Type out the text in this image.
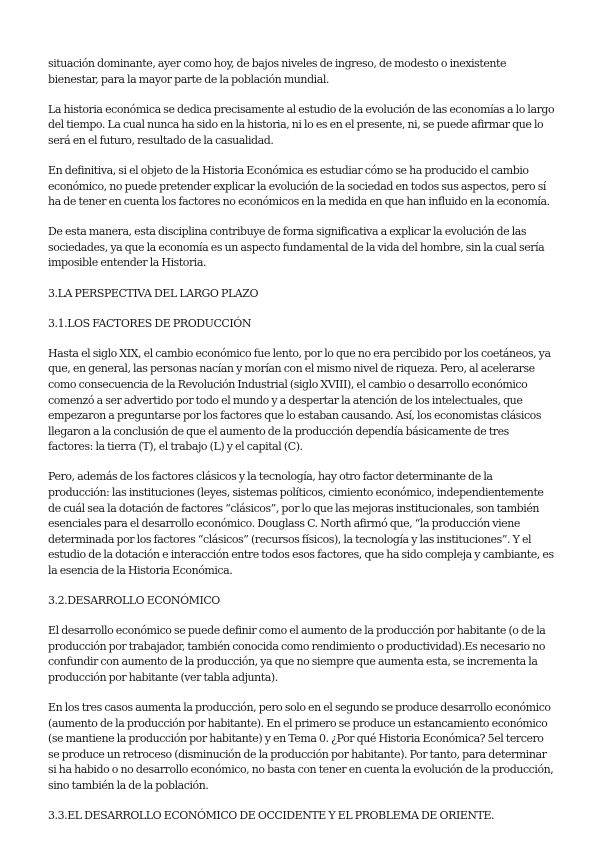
situación dominante, ayer como hoy, de bajos niveles de ingreso, de modesto o inexistente bienestar, para la mayor parte de la población mundial.

La historia económica se dedica precisamente al estudio de la evolución de las economías a lo largo del tiempo. La cual nunca ha sido en la historia, ni lo es en el presente, ni, se puede afirmar que lo será en el futuro, resultado de la casualidad.

En definitiva, si el objeto de la Historia Económica es estudiar cómo se ha producido el cambio económico, no puede pretender explicar la evolución de la sociedad en todos sus aspectos, pero sí ha de tener en cuenta los factores no económicos en la medida en que han influido en la economía.

De esta manera, esta disciplina contribuye de forma significativa a explicar la evolución de las sociedades, ya que la economía es un aspecto fundamental de la vida del hombre, sin la cual sería imposible entender la Historia.

3.LA PERSPECTIVA DEL LARGO PLAZO
3.1.LOS FACTORES DE PRODUCCIÓN

Hasta el siglo XIX, el cambio económico fue lento, por lo que no era percibido por los coetáneos, ya que, en general, las personas nacían y morían con el mismo nivel de riqueza. Pero, al acelerarse como consecuencia de la Revolución Industrial (siglo XVIII), el cambio o desarrollo económico comenzó a ser advertido por todo el mundo y a despertar la atención de los intelectuales, que empezaron a preguntarse por los factores que lo estaban causando. Así, los economistas clásicos llegaron a la conclusión de que el aumento de la producción dependía básicamente de tres factores: la tierra (T), el trabajo (L) y el capital (C).

Pero, además de los factores clásicos y la tecnología, hay otro factor determinante de la producción: las instituciones (leyes, sistemas políticos, cimiento económico, independientemente de cuál sea la dotación de factores “clásicos”, por lo que las mejoras institucionales, son también esenciales para el desarrollo económico. Douglass C. North afirmó que, “la producción viene determinada por los factores “clásicos” (recursos físicos), la tecnología y las instituciones”. Y el estudio de la dotación e interacción entre todos esos factores, que ha sido compleja y cambiante, es la esencia de la Historia Económica.

3.2.DESARROLLO ECONÓMICO

El desarrollo económico se puede definir como el aumento de la producción por habitante (o de la producción por trabajador, también conocida como rendimiento o productividad).Es necesario no confundir con aumento de la producción, ya que no siempre que aumenta esta, se incrementa la producción por habitante (ver tabla adjunta).

En los tres casos aumenta la producción, pero solo en el segundo se produce desarrollo económico (aumento de la producción por habitante). En el primero se produce un estancamiento económico (se mantiene la producción por habitante) y en Tema 0. ¿Por qué Historia Económica? 5el tercero se produce un retroceso (disminución de la producción por habitante). Por tanto, para determinar si ha habido o no desarrollo económico, no basta con tener en cuenta la evolución de la producción, sino también la de la población.

3.3.EL DESARROLLO ECONÓMICO DE OCCIDENTE Y EL PROBLEMA DE ORIENTE.
